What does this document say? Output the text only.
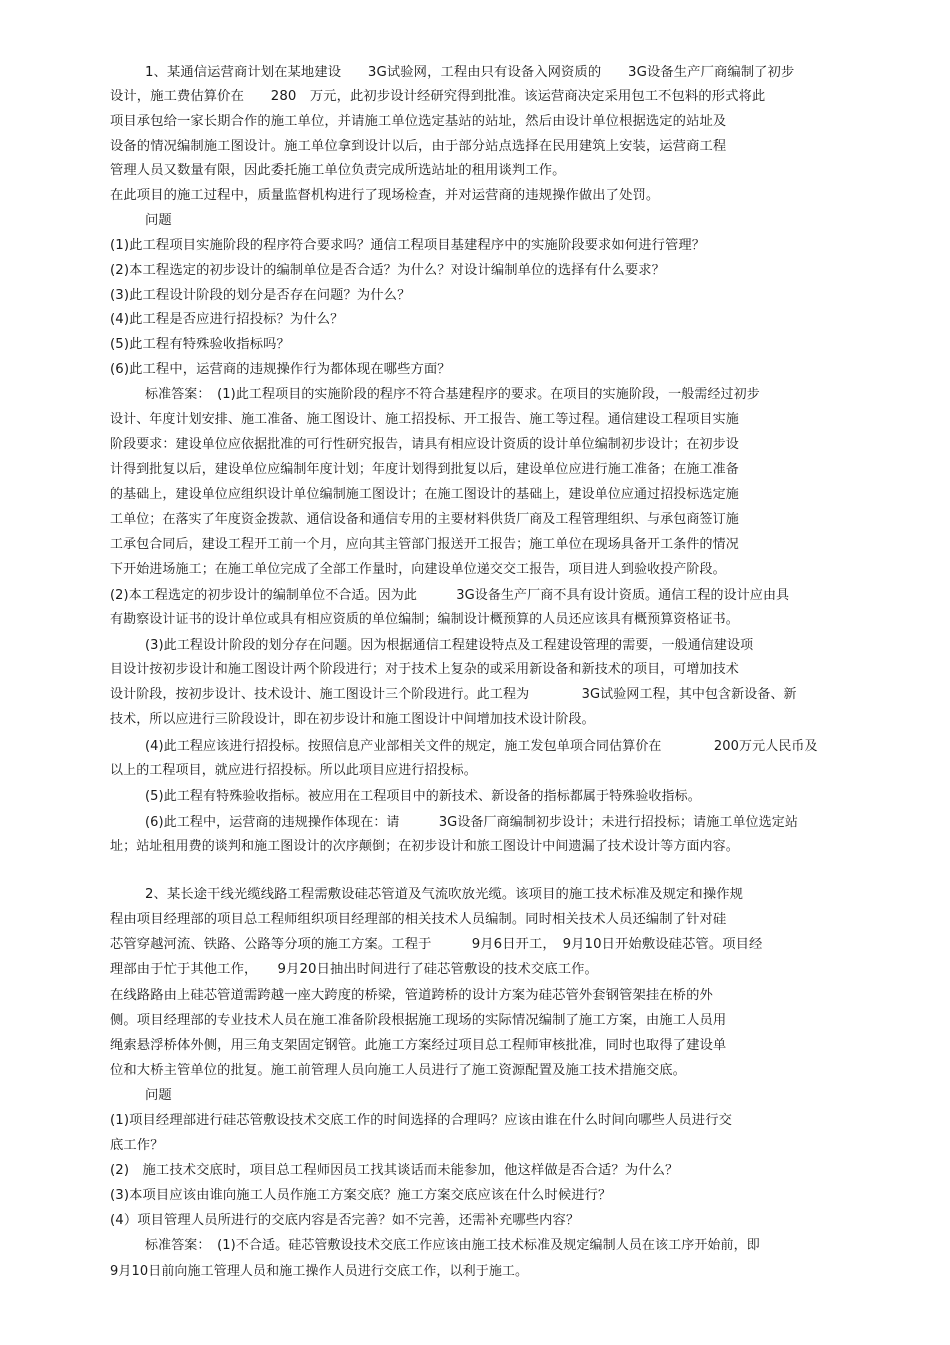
1、某通信运营商计划在某地建设　　3G试验网，工程由只有设备入网资质的　　3G设备生产厂商编制了初步
设计，施工费估算价在　　280　万元，此初步设计经研究得到批准。该运营商决定采用包工不包料的形式将此
项目承包给一家长期合作的施工单位，并请施工单位选定基站的站址，然后由设计单位根据选定的站址及
设备的情况编制施工图设计。施工单位拿到设计以后，由于部分站点选择在民用建筑上安装，运营商工程
管理人员又数量有限，因此委托施工单位负责完成所选站址的租用谈判工作。
在此项目的施工过程中，质量监督机构进行了现场检查，并对运营商的违规操作做出了处罚。
问题
(1)此工程项目实施阶段的程序符合要求吗？通信工程项目基建程序中的实施阶段要求如何进行管理？
(2)本工程选定的初步设计的编制单位是否合适？为什么？对设计编制单位的选择有什么要求？
(3)此工程设计阶段的划分是否存在问题？为什么？
(4)此工程是否应进行招投标？为什么？
(5)此工程有特殊验收指标吗？
(6)此工程中，运营商的违规操作行为都体现在哪些方面？
标准答案：　(1)此工程项目的实施阶段的程序不符合基建程序的要求。在项目的实施阶段，一般需经过初步
设计、年度计划安排、施工准备、施工图设计、施工招投标、开工报告、施工等过程。通信建设工程项目实施
阶段要求：建设单位应依据批准的可行性研究报告，请具有相应设计资质的设计单位编制初步设计；在初步设
计得到批复以后，建设单位应编制年度计划；年度计划得到批复以后，建设单位应进行施工准备；在施工准备
的基础上，建设单位应组织设计单位编制施工图设计；在施工图设计的基础上，建设单位应通过招投标选定施
工单位；在落实了年度资金拨款、通信设备和通信专用的主要材料供货厂商及工程管理组织、与承包商签订施
工承包合同后，建设工程开工前一个月，应向其主管部门报送开工报告；施工单位在现场具备开工条件的情况
下开始进场施工；在施工单位完成了全部工作量时，向建设单位递交交工报告，项目进人到验收投产阶段。
(2)本工程选定的初步设计的编制单位不合适。因为此　　　3G设备生产厂商不具有设计资质。通信工程的设计应由具
有勘察设计证书的设计单位或具有相应资质的单位编制；编制设计概预算的人员还应该具有概预算资格证书。
(3)此工程设计阶段的划分存在问题。因为根据通信工程建设特点及工程建设管理的需要，一般通信建设项
目设计按初步设计和施工图设计两个阶段进行；对于技术上复杂的或采用新设备和新技术的项目，可增加技术
设计阶段，按初步设计、技术设计、施工图设计三个阶段进行。此工程为　　　　3G试验网工程，其中包含新设备、新
技术，所以应进行三阶段设计，即在初步设计和施工图设计中间增加技术设计阶段。
(4)此工程应该进行招投标。按照信息产业部相关文件的规定，施工发包单项合同估算价在　　　　200万元人民币及
以上的工程项目，就应进行招投标。所以此项目应进行招投标。
(5)此工程有特殊验收指标。被应用在工程项目中的新技术、新设备的指标都属于特殊验收指标。
(6)此工程中，运营商的违规操作体现在：请　　　3G设备厂商编制初步设计；未进行招投标；请施工单位选定站
址；站址租用费的谈判和施工图设计的次序颠倒；在初步设计和旅工图设计中间遗漏了技术设计等方面内容。
2、某长途干线光缆线路工程需敷设硅芯管道及气流吹放光缆。该项目的施工技术标准及规定和操作规
程由项目经理部的项目总工程师组织项目经理部的相关技术人员编制。同时相关技术人员还编制了针对硅
芯管穿越河流、铁路、公路等分项的施工方案。工程于　　　9月6日开工，　9月10日开始敷设硅芯管。项目经
理部由于忙于其他工作，　　9月20日抽出时间进行了硅芯管敷设的技术交底工作。
在线路路由上硅芯管道需跨越一座大跨度的桥梁，管道跨桥的设计方案为硅芯管外套钢管架挂在桥的外
侧。项目经理部的专业技术人员在施工准备阶段根据施工现场的实际情况编制了施工方案，由施工人员用
绳索悬浮桥体外侧，用三角支架固定钢管。此施工方案经过项目总工程师审核批准，同时也取得了建设单
位和大桥主管单位的批复。施工前管理人员向施工人员进行了施工资源配置及施工技术措施交底。
问题
(1)项目经理部进行硅芯管敷设技术交底工作的时间选择的合理吗？应该由谁在什么时间向哪些人员进行交
底工作？
(2)　施工技术交底时，项目总工程师因员工找其谈话而未能参加，他这样做是否合适？为什么？
(3)本项目应该由谁向施工人员作施工方案交底？施工方案交底应该在什么时候进行？
(4）项目管理人员所进行的交底内容是否完善？如不完善，还需补充哪些内容？
标准答案：　(1)不合适。硅芯管敷设技术交底工作应该由施工技术标准及规定编制人员在该工序开始前，即
9月10日前向施工管理人员和施工操作人员进行交底工作，以利于施工。
